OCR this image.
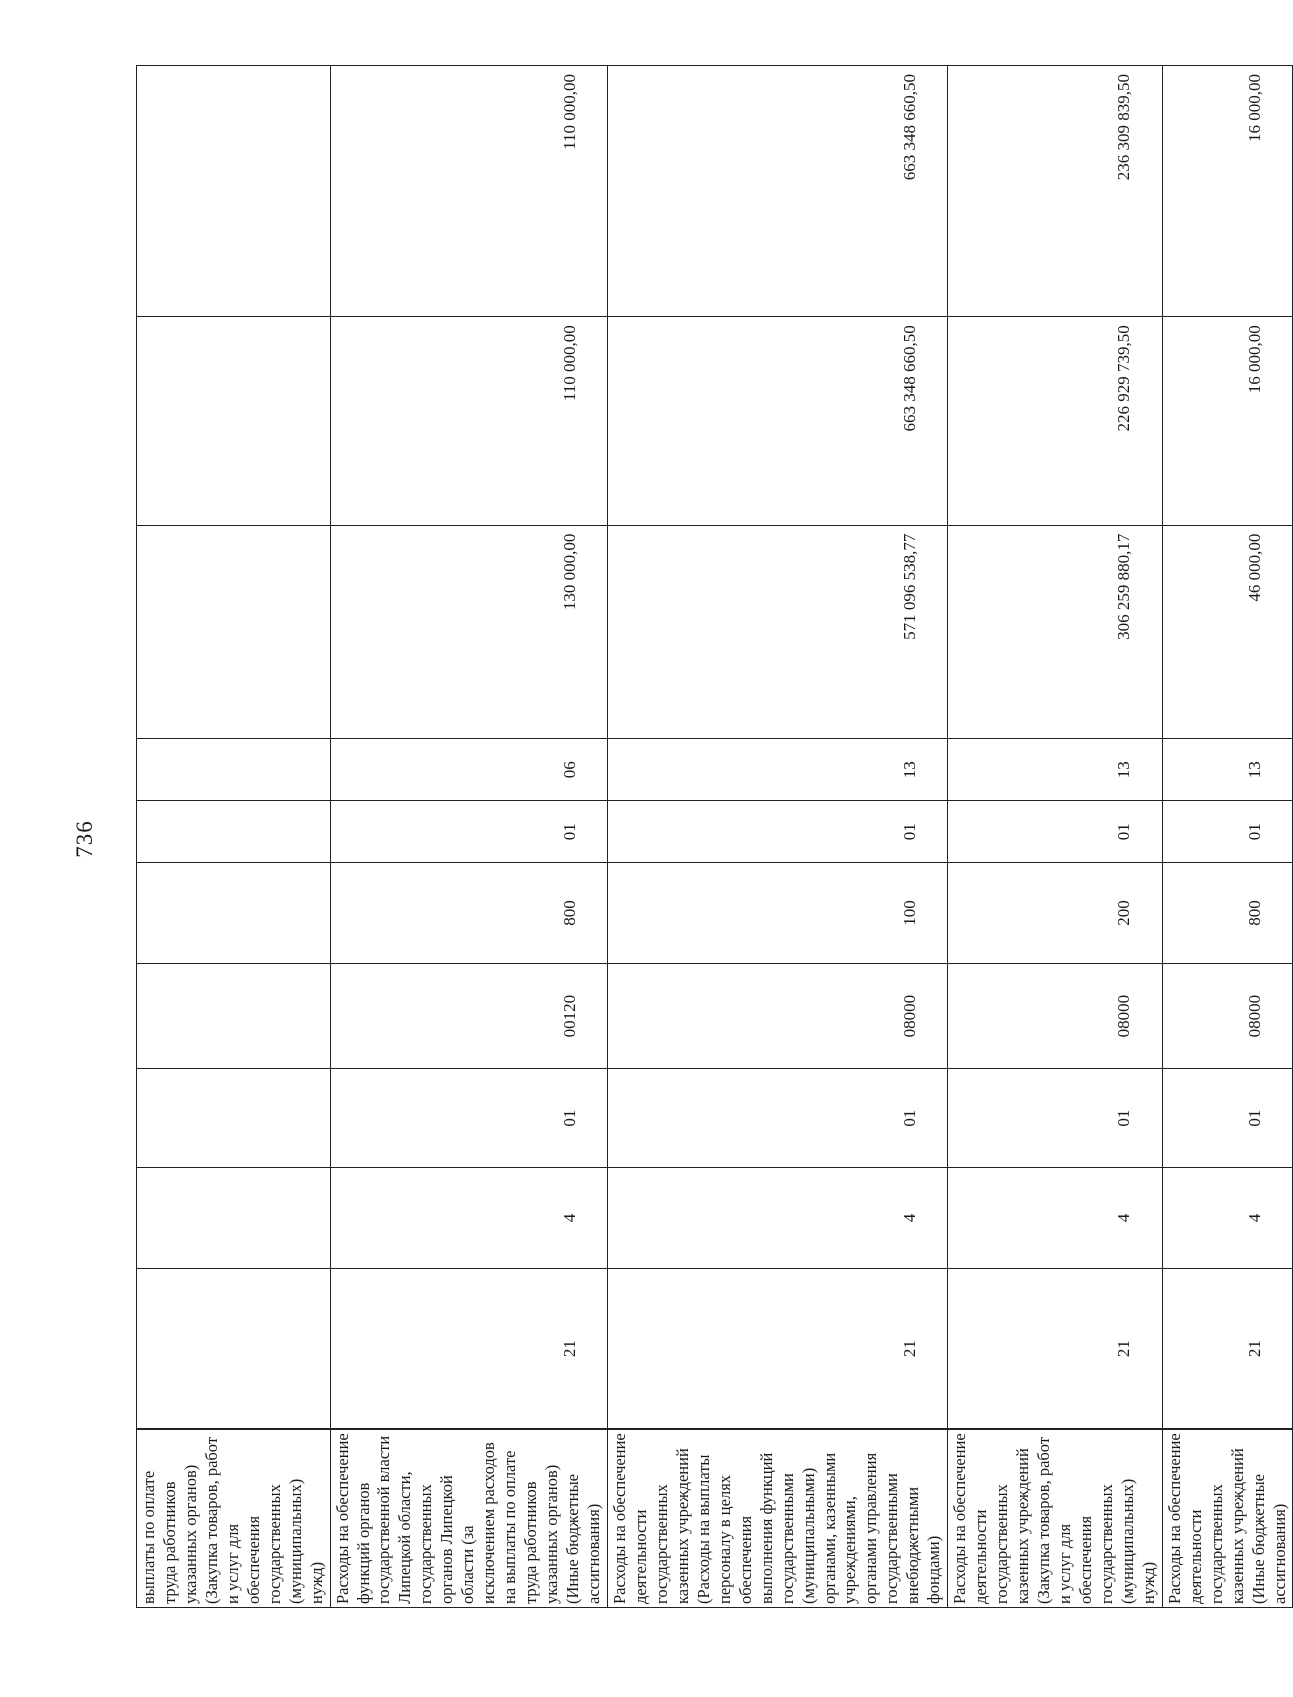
736
выплаты по оплате труда работников указанных органов) (Закупка товаров, работ и услуг для обеспечения государственных (муниципальных) нужд)										
Расходы на обеспечение функций органов государственной власти Липецкой области, государственных органов Липецкой области (за исключением расходов на выплаты по оплате труда работников указанных органов) (Иные бюджетные ассигнования)	21	4	01	00120	800	01	06	130 000,00	110 000,00	110 000,00
Расходы на обеспечение деятельности государственных казенных учреждений (Расходы на выплаты персоналу в целях обеспечения выполнения функций государственными (муниципальными) органами, казенными учреждениями, органами управления государственными внебюджетными фондами)	21	4	01	08000	100	01	13	571 096 538,77	663 348 660,50	663 348 660,50
Расходы на обеспечение деятельности государственных казенных учреждений (Закупка товаров, работ и услуг для обеспечения государственных (муниципальных) нужд)	21	4	01	08000	200	01	13	306 259 880,17	226 929 739,50	236 309 839,50
Расходы на обеспечение деятельности государственных казенных учреждений (Иные бюджетные ассигнования)	21	4	01	08000	800	01	13	46 000,00	16 000,00	16 000,00
